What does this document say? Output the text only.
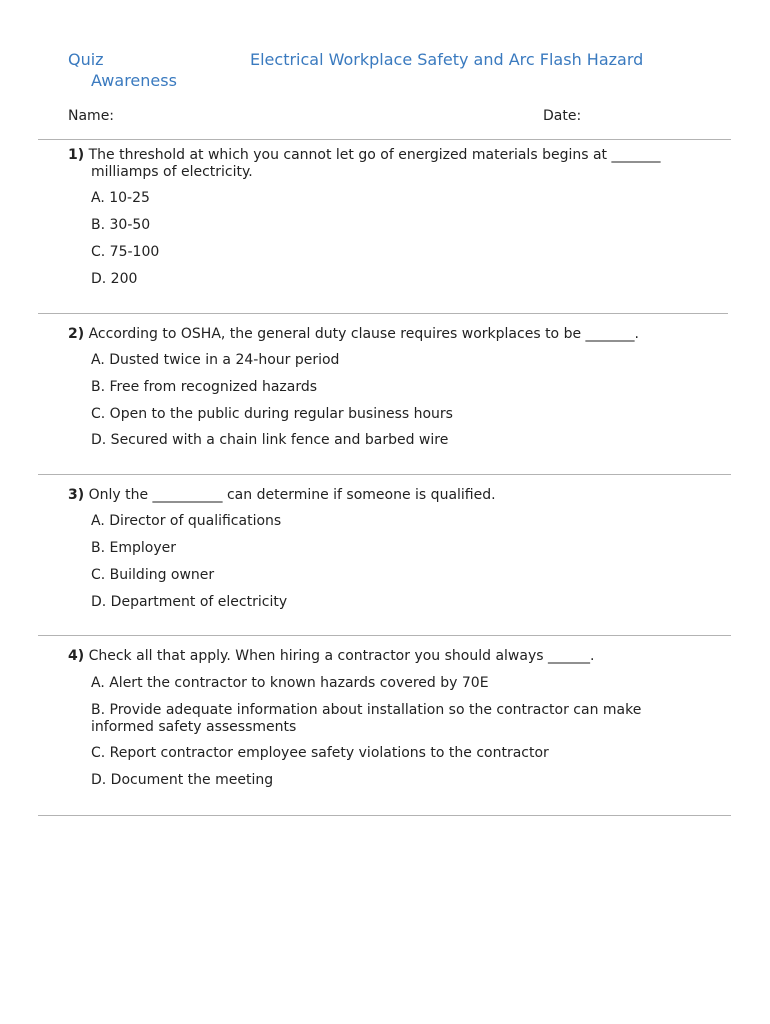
Quiz	Electrical Workplace Safety and Arc Flash Hazard
Awareness
Name:	Date:
1) The threshold at which you cannot let go of energized materials begins at _______
milliamps of electricity.
A. 10-25
B. 30-50
C. 75-100
D. 200
2) According to OSHA, the general duty clause requires workplaces to be _______.
A. Dusted twice in a 24-hour period
B. Free from recognized hazards
C. Open to the public during regular business hours
D. Secured with a chain link fence and barbed wire
3) Only the __________ can determine if someone is qualified.
A. Director of qualifications
B. Employer
C. Building owner
D. Department of electricity
4) Check all that apply. When hiring a contractor you should always ______.
A. Alert the contractor to known hazards covered by 70E
B. Provide adequate information about installation so the contractor can make informed safety assessments
C. Report contractor employee safety violations to the contractor
D. Document the meeting
